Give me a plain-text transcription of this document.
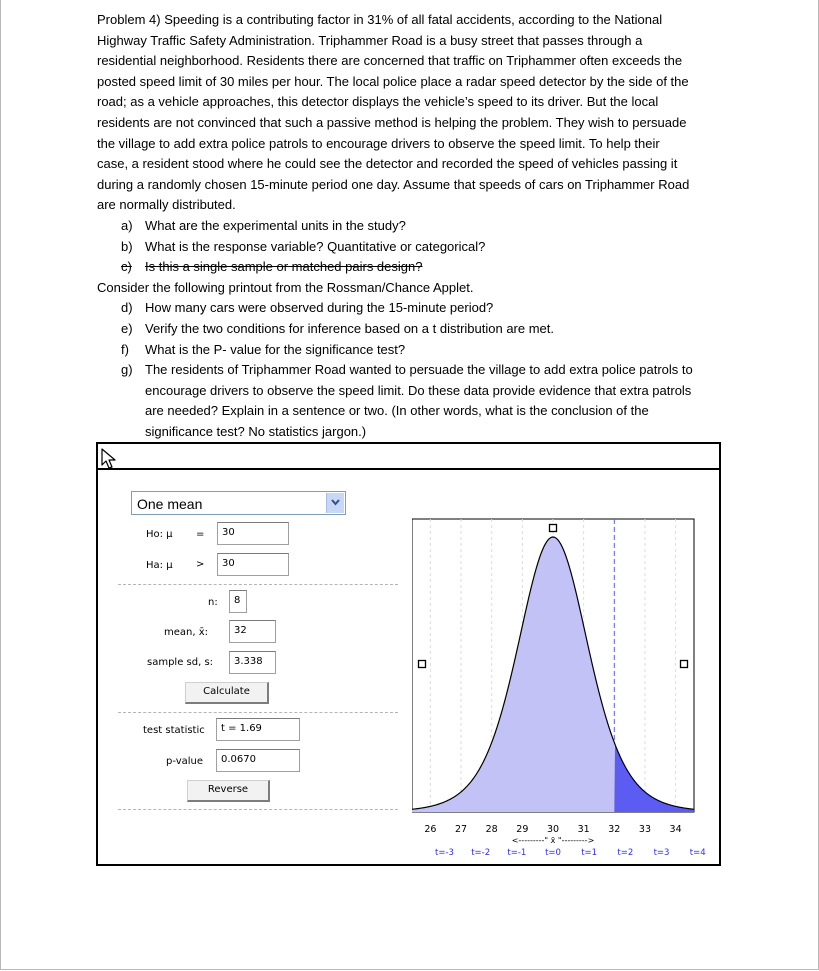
Problem 4) Speeding is a contributing factor in 31% of all fatal accidents, according to the National

Highway Traffic Safety Administration. Triphammer Road is a busy street that passes through a

residential neighborhood. Residents there are concerned that traffic on Triphammer often exceeds the

posted speed limit of 30 miles per hour. The local police place a radar speed detector by the side of the

road; as a vehicle approaches, this detector displays the vehicle’s speed to its driver. But the local

residents are not convinced that such a passive method is helping the problem. They wish to persuade

the village to add extra police patrols to encourage drivers to observe the speed limit. To help their

case, a resident stood where he could see the detector and recorded the speed of vehicles passing it

during a randomly chosen 15-minute period one day. Assume that speeds of cars on Triphammer Road

are normally distributed.

a) What are the experimental units in the study?

b) What is the response variable? Quantitative or categorical?

c) Is this a single sample or matched pairs design?

Consider the following printout from the Rossman/Chance Applet.

d) How many cars were observed during the 15-minute period?

e) Verify the two conditions for inference based on a t distribution are met.

f) What is the P- value for the significance test?

g) The residents of Triphammer Road wanted to persuade the village to add extra police patrols to

encourage drivers to observe the speed limit. Do these data provide evidence that extra patrols

are needed? Explain in a sentence or two. (In other words, what is the conclusion of the

significance test? No statistics jargon.)

One mean
Ho: μ =	30
Ha: μ >	30
n:	8
mean, x̄:	32
sample sd, s:	3.338
Calculate
test statistic	t = 1.69
p-value	0.0670
Reverse
26 27 28 29 30 31 32 33 34
<---------" x̄ "--------->
t=-3 t=-2 t=-1 t=0 t=1 t=2 t=3 t=4
